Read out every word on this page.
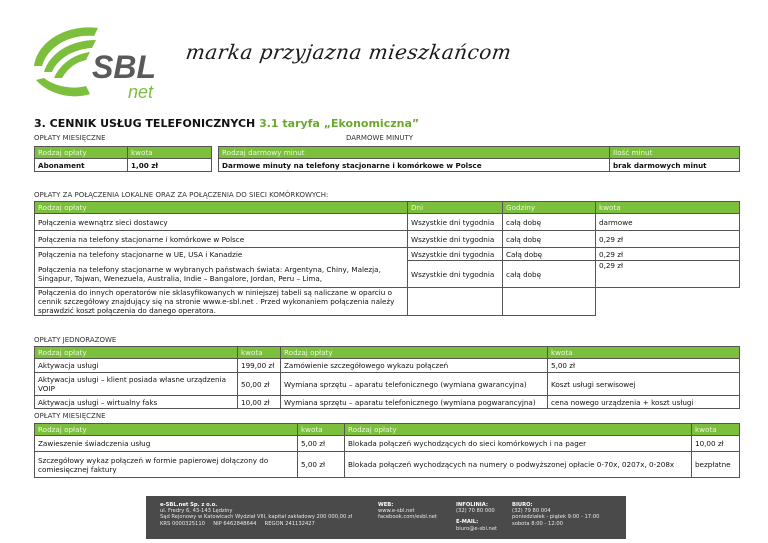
SBL
net
marka przyjazna mieszkańcom
3. CENNIK USŁUG TELEFONICZNYCH 3.1 taryfa „Ekonomiczna”
OPŁATY MIESIĘCZNE	DARMOWE MINUTY
Rodzaj opłaty	kwota
Abonament	1,00 zł
Rodzaj darmowy minut	Ilość minut
Darmowe minuty na telefony stacjonarne i komórkowe w Polsce	brak darmowych minut
OPŁATY ZA POŁĄCZENIA LOKALNE ORAZ ZA POŁĄCZENIA DO SIECI KOMÓRKOWYCH:
Rodzaj opłaty	Dni	Godziny	kwota
Połączenia wewnątrz sieci dostawcy	Wszystkie dni tygodnia	całą dobę	darmowe
Połączenia na telefony stacjonarne i komórkowe w Polsce	Wszystkie dni tygodnia	całą dobę	0,29 zł
Połączenia na telefony stacjonarne w UE, USA i Kanadzie	Wszystkie dni tygodnia	Całą dobę	0,29 zł
Połączenia na telefony stacjonarne w wybranych państwach świata: Argentyna, Chiny, Malezja, Singapur, Tajwan, Wenezuela, Australia, Indie – Bangalore, Jordan, Peru – Lima,	Wszystkie dni tygodnia	całą dobę	0,29 zł
Połączenia do innych operatorów nie sklasyfikowanych w niniejszej tabeli są naliczane w oparciu o cennik szczegółowy znajdujący się na stronie www.e-sbl.net . Przed wykonaniem połączenia należy sprawdzić koszt połączenia do danego operatora.			
OPŁATY JEDNORAZOWE
Rodzaj opłaty	kwota	Rodzaj opłaty	kwota
Aktywacja usługi	199,00 zł	Zamówienie szczegółowego wykazu połączeń	5,00 zł
Aktywacja usługi – klient posiada własne urządzenia VOIP	50,00 zł	Wymiana sprzętu – aparatu telefonicznego (wymiana gwarancyjna)	Koszt usługi serwisowej
Aktywacja usługi – wirtualny faks	10,00 zł	Wymiana sprzętu – aparatu telefonicznego (wymiana pogwarancyjna)	cena nowego urządzenia + koszt usługi
OPŁATY MIESIĘCZNE
Rodzaj opłaty	kwota	Rodzaj opłaty	kwota
Zawieszenie świadczenia usług	5,00 zł	Blokada połączeń wychodzących do sieci komórkowych i na pager	10,00 zł
Szczegółowy wykaz połączeń w formie papierowej dołączony do comiesięcznej faktury	5,00 zł	Blokada połączeń wychodzących na numery o podwyższonej opłacie 0-70x, 0207x, 0-208x	bezpłatne
e-SBL.net Sp. z o.o.
ul. Fredry 6, 43-143 Lędziny
Sąd Rejonowy w Katowicach Wydział VIII, kapitał zakładowy 200 000,00 zł
KRS 0000325110     NIP 6462848644     REGON 241132427
WEB:
www.e-sbl.net
facebook.com/esbl.net
INFOLINIA:
(32) 70 80 000
E-MAIL:
biuro@e-sbl.net
BIURO:
(32) 79 80 004
poniedziałek - piątek 9:00 - 17:00
sobota 8:00 - 12:00
